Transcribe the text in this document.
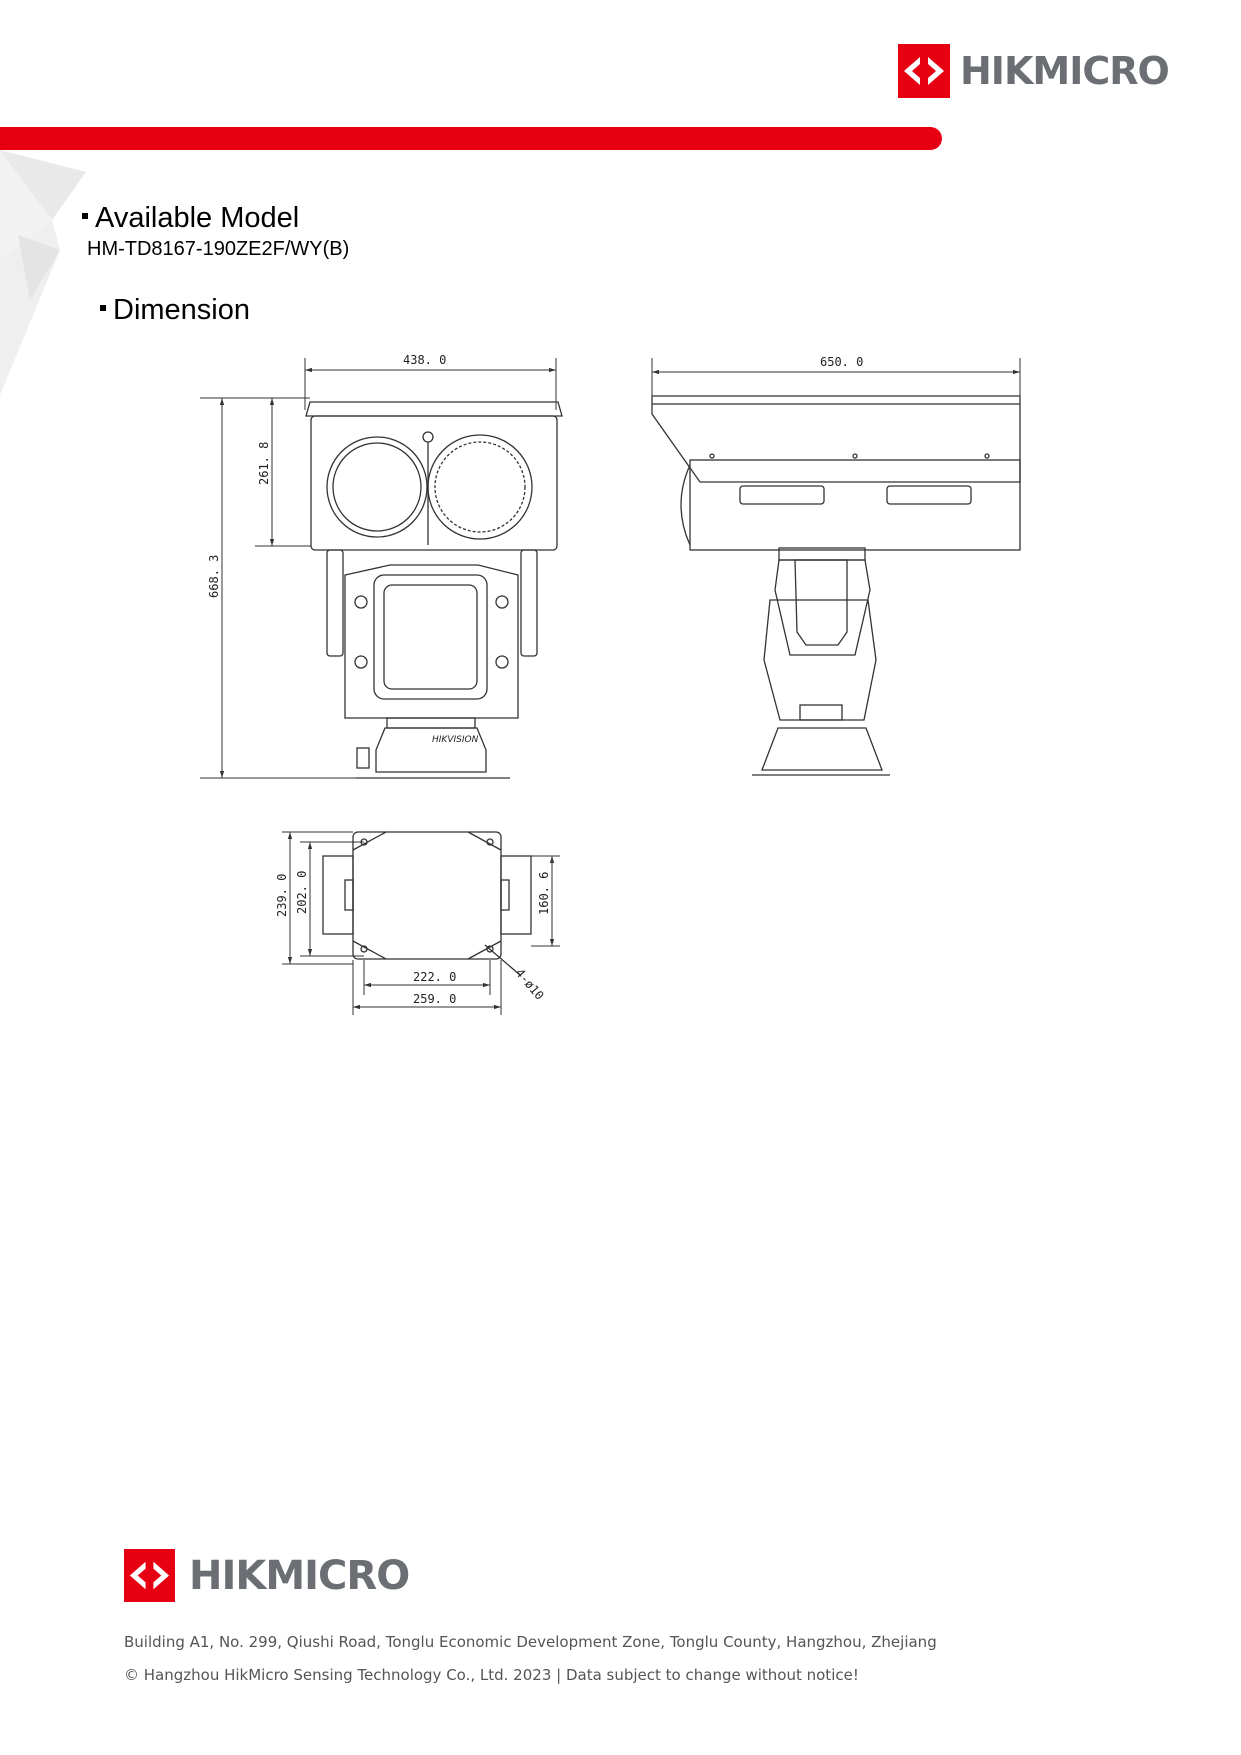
HIKMICRO
Available Model
HM-TD8167-190ZE2F/WY(B)
Dimension
HIKVISION
438. 0
668. 3
261. 8
650. 0
239. 0 202. 0	160. 6
222. 0
259. 0	4-ø10
HIKMICRO
Building A1, No. 299, Qiushi Road, Tonglu Economic Development Zone, Tonglu County, Hangzhou, Zhejiang
© Hangzhou HikMicro Sensing Technology Co., Ltd. 2023 | Data subject to change without notice!
